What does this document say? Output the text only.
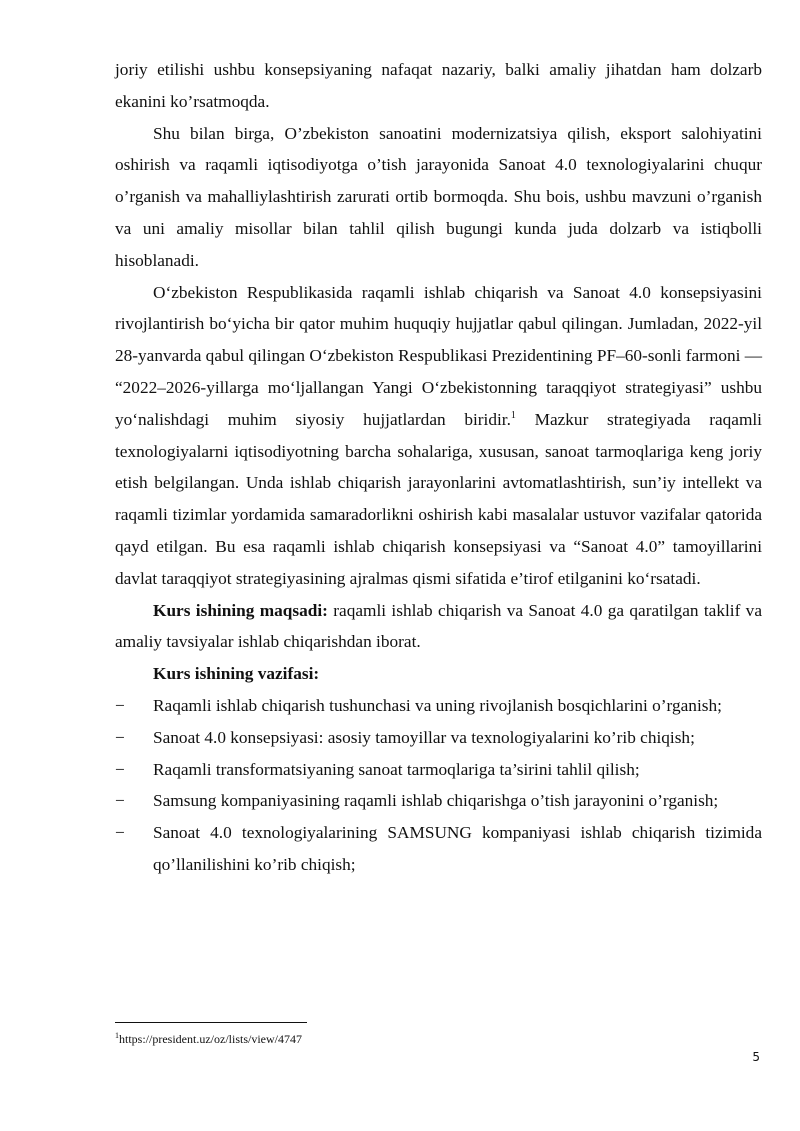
joriy etilishi ushbu konsepsiyaning nafaqat nazariy, balki amaliy jihatdan ham dolzarb ekanini ko’rsatmoqda.

Shu bilan birga, O’zbekiston sanoatini modernizatsiya qilish, eksport salohiyatini oshirish va raqamli iqtisodiyotga o’tish jarayonida Sanoat 4.0 texnologiyalarini chuqur o’rganish va mahalliylashtirish zarurati ortib bormoqda. Shu bois, ushbu mavzuni o’rganish va uni amaliy misollar bilan tahlil qilish bugungi kunda juda dolzarb va istiqbolli hisoblanadi.

O‘zbekiston Respublikasida raqamli ishlab chiqarish va Sanoat 4.0 konsepsiyasini rivojlantirish bo‘yicha bir qator muhim huquqiy hujjatlar qabul qilingan. Jumladan, 2022-yil 28-yanvarda qabul qilingan O‘zbekiston Respublikasi Prezidentining PF–60-sonli farmoni — “2022–2026-yillarga mo‘ljallangan Yangi O‘zbekistonning taraqqiyot strategiyasi” ushbu yo‘nalishdagi muhim siyosiy hujjatlardan biridir.$^1$ Mazkur strategiyada raqamli texnologiyalarni iqtisodiyotning barcha sohalariga, xususan, sanoat tarmoqlariga keng joriy etish belgilangan. Unda ishlab chiqarish jarayonlarini avtomatlashtirish, sun’iy intellekt va raqamli tizimlar yordamida samaradorlikni oshirish kabi masalalar ustuvor vazifalar qatorida qayd etilgan. Bu esa raqamli ishlab chiqarish konsepsiyasi va “Sanoat 4.0” tamoyillarini davlat taraqqiyot strategiyasining ajralmas qismi sifatida e’tirof etilganini ko‘rsatadi.

Kurs ishining maqsadi: raqamli ishlab chiqarish va Sanoat 4.0 ga qaratilgan taklif va amaliy tavsiyalar ishlab chiqarishdan iborat.

Kurs ishining vazifasi:

− Raqamli ishlab chiqarish tushunchasi va uning rivojlanish bosqichlarini o’rganish;
− Sanoat 4.0 konsepsiyasi: asosiy tamoyillar va texnologiyalarini ko’rib chiqish;
− Raqamli transformatsiyaning sanoat tarmoqlariga ta’sirini tahlil qilish;
− Samsung kompaniyasining raqamli ishlab chiqarishga o’tish jarayonini o’rganish;
− Sanoat 4.0 texnologiyalarining SAMSUNG kompaniyasi ishlab chiqarish tizimida qo’llanilishini ko’rib chiqish;
$^1$https://president.uz/oz/lists/view/4747
5
